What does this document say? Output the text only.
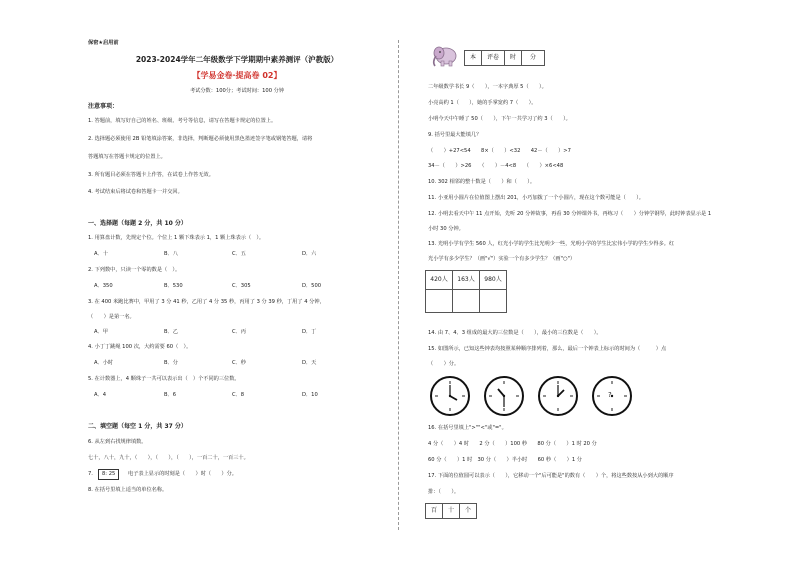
保密★启用前
2023-2024学年二年级数学下学期期中素养测评（沪教版）
【学易金卷·提高卷 02】
考试分数：100分；考试时间：100 分钟
注意事项：
1. 答题前，填写好自己的姓名、班级、考号等信息，请写在答题卡规定的位置上。
2. 选择题必须使用 2B 铅笔填涂答案，非选择，判断题必须使用黑色墨迹签字笔或钢笔答题，请将
答题填写在答题卡规定的位置上。
3. 所有题目必须在答题卡上作答，在试卷上作答无效。
4. 考试结束后将试卷和答题卡一并交回。
一、选择题（每题 2 分，共 10 分）
1. 用算盘计数，先规定个位。个位上 1 颗下珠表示 1，1 颗上珠表示（　）。
A．十	B．八	C．五	D．六
2. 下列数中，只读一个零的数是（　）。
A．350	B．530	C．305	D．500
3. 在 400 米跑比赛中，甲用了 3 分 41 秒，乙用了 4 分 35 秒，丙用了 3 分 39 秒，丁用了 4 分钟，
（　　）是第一名。
A．甲	B．乙	C．丙	D．丁
4. 小丁丁跳绳 100 次，大约需要 60（　）。
A．小时	B．分	C．秒	D．天
5. 在计数器上，4 颗珠子一共可以表示出（　）个不同的三位数。
A．4	B．6	C．8	D．10
二、填空题（每空 1 分，共 37 分）
6. 从左到右找规律填数。
七十，八十，九十，（　　），（　　），（　　），一百二十，一百三十。
7.	8: 25	电子表上显示的时刻是（　　）时（　　）分。
8. 在括号里填上适当的单位名称。
本	评卷	时	分
二年级数学书长 9（　　），一本字典厚 5（　　）。
小亮高约 1（　　），她的手掌宽约 7（　　）。
小明今天中午睡了 50（　　），下午一共学习了约 3（　　）。
9. 括号里最大能填几？
（　　）+27<54　　8×（　　）<32　　42－（　　）>7
34－（　　）>26　　（　　）－4<8　　（　　）×6<48
10. 302 相邻的整十数是（　　）和（　　）。
11. 小亚用小圆片在位值图上摆出 201，小巧加拨了一个小圆片，现在这个数可能是（　　）。
12. 小明去看天中午 11 点开始，先听 20 分钟故事，再看 30 分钟课外书，再练习（　　）分钟学钢琴，此时钟表显示是 1
小时 30 分钟。
13. 光明小学有学生 560 人，红光小学的学生比光明少一些，光明小学的学生比宏伟小学的学生少得多。红
光小学有多少学生？（画"√"）实验一个有多少学生？（画"○"）
420人	163人	980人
14. 由 7、4、3 组成的最大的三位数是（　　），最小的三位数是（　　）。
15. 如图所示，已知这些钟表均按照某种顺序排列着，那么，最后一个钟表上标示的时间为（　　　）点
（　　）分。
?
16. 在括号里填上">""<"或"="。
4 分（　　）4 时　　2 分（　　）100 秒　　80 分（　　）1 时 20 分
60 分（　　）1 时　30 分（　　）半小时　　60 秒（　　）1 分
17. 下面的位值圆可以表示（　　），它移动一个"后可能是"的数有（　　）个，将这些数按从小到大的顺序
排：（　　）。
百	十	个
